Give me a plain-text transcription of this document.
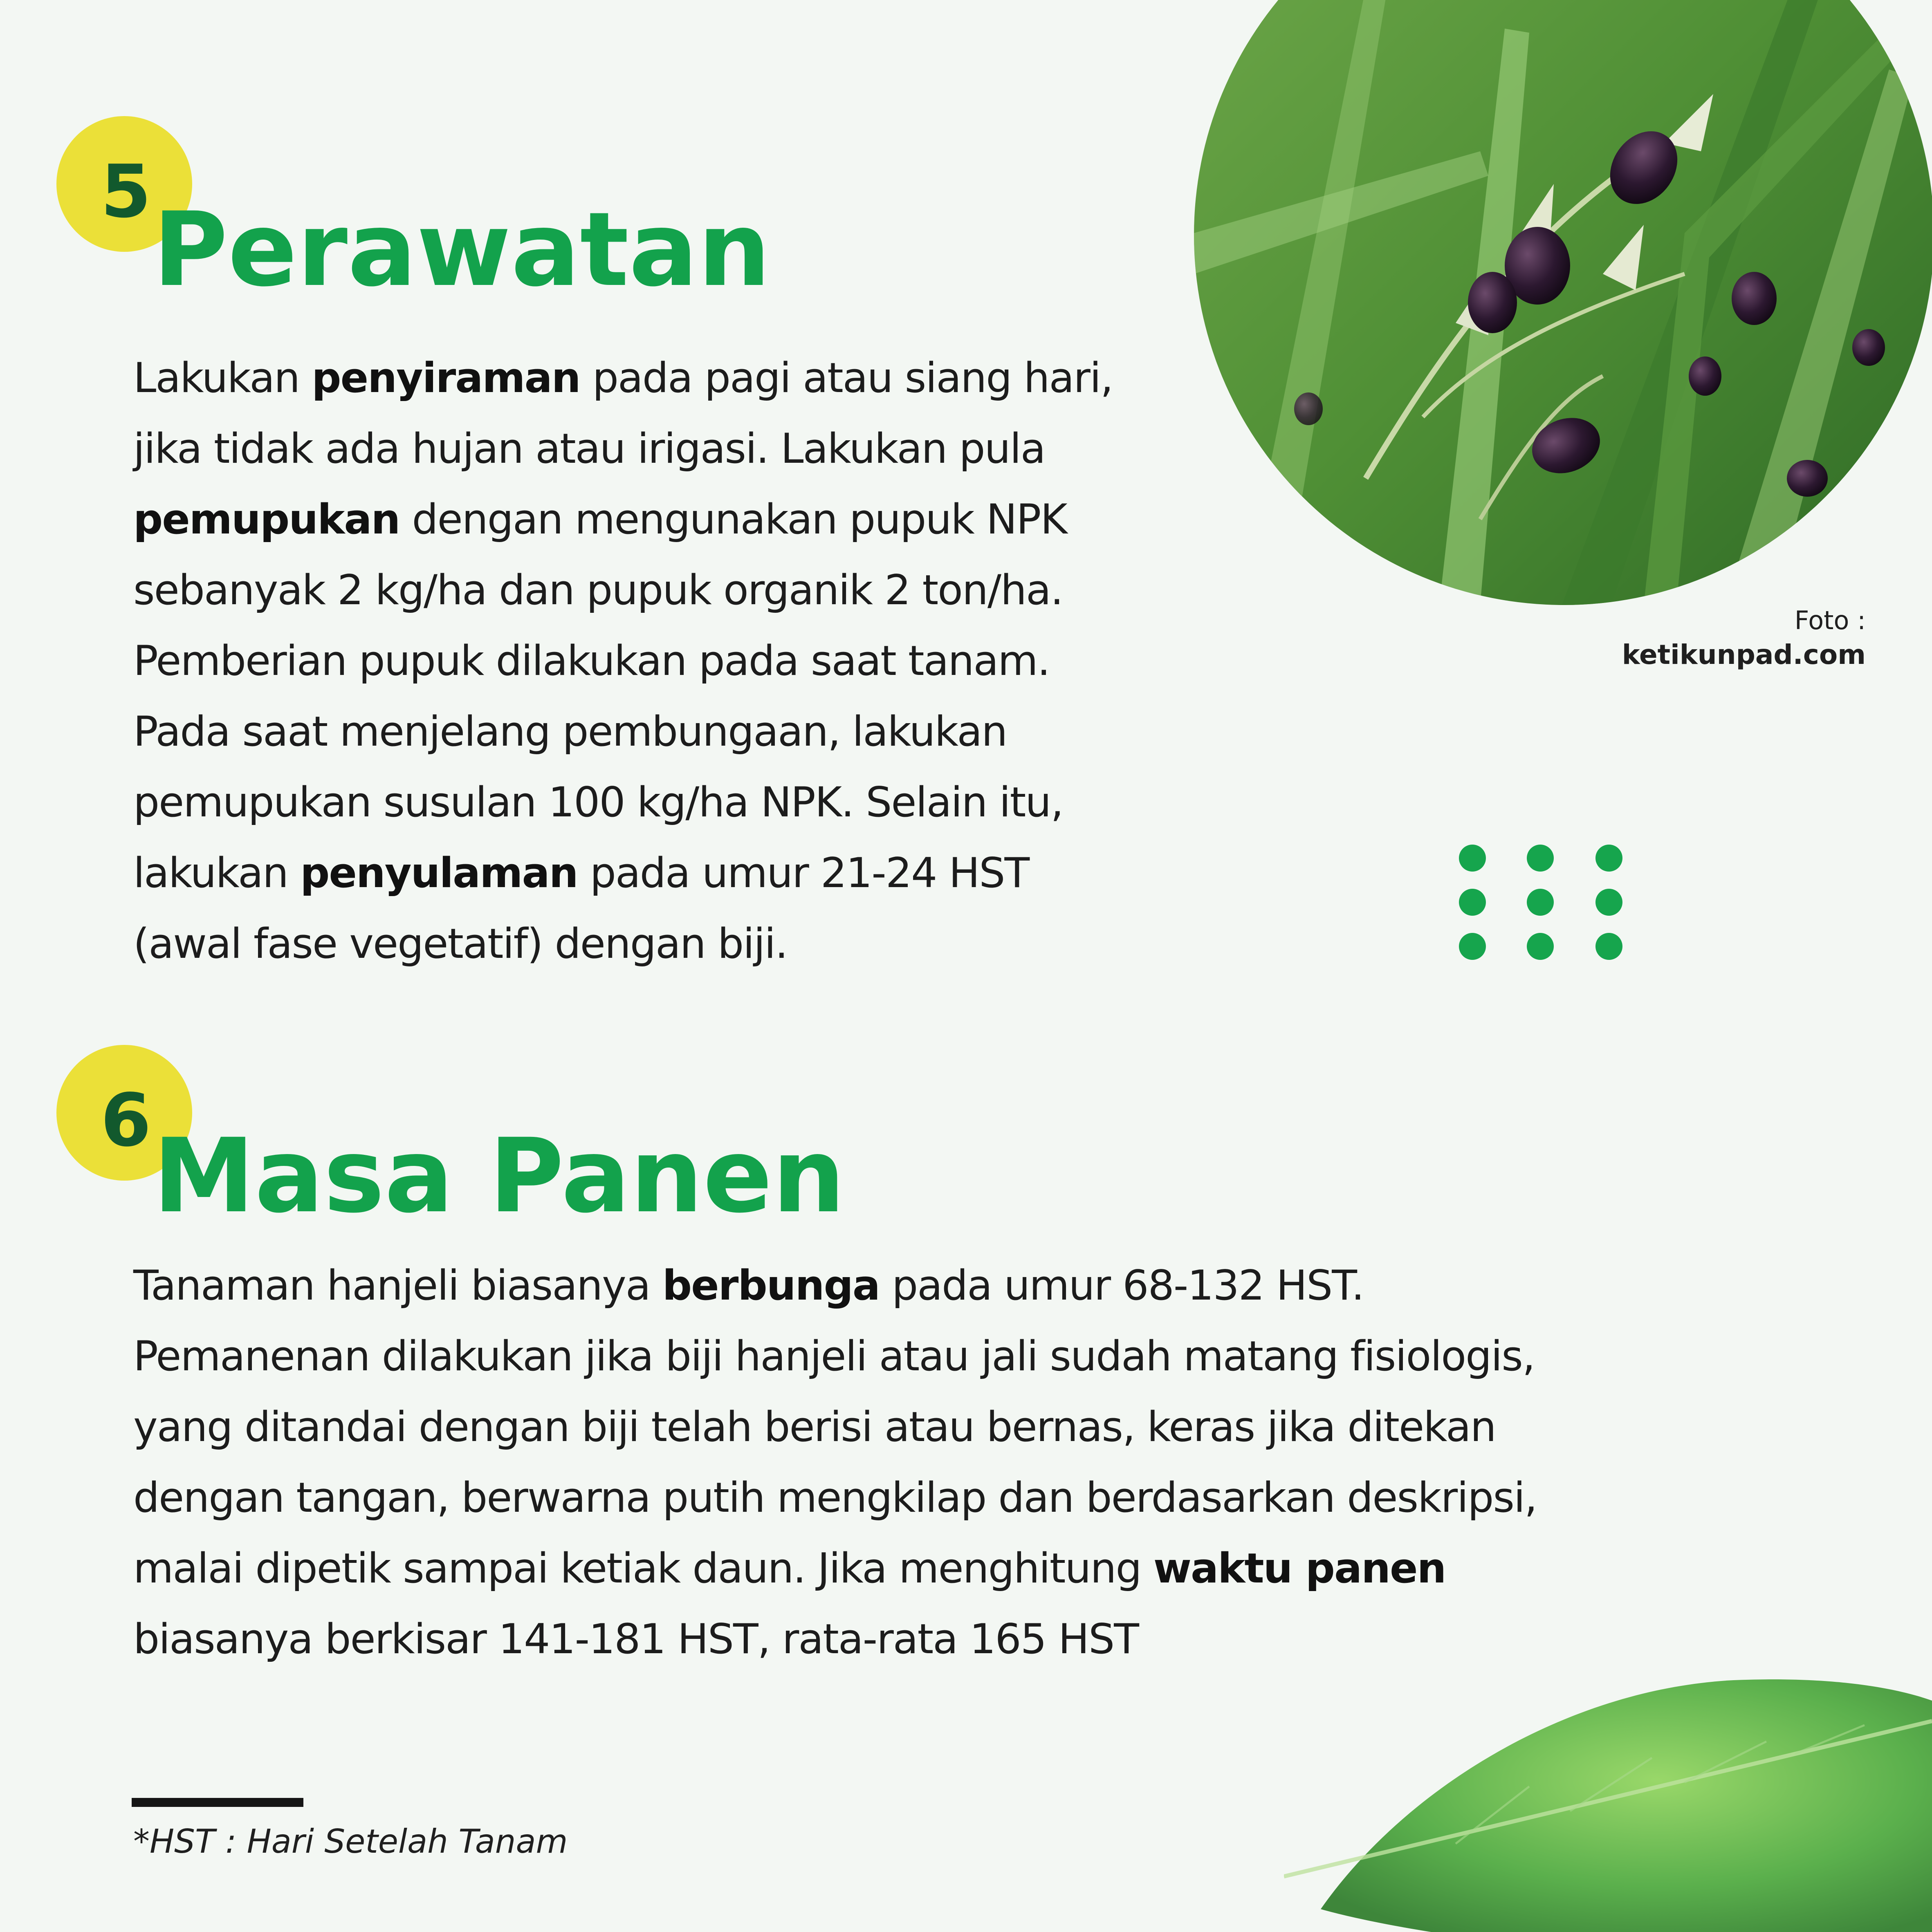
Foto :
ketikunpad.com
5 Perawatan
Lakukan penyiraman pada pagi atau siang hari,
jika tidak ada hujan atau irigasi. Lakukan pula
pemupukan dengan mengunakan pupuk NPK
sebanyak 2 kg/ha dan pupuk organik 2 ton/ha.
Pemberian pupuk dilakukan pada saat tanam.
Pada saat menjelang pembungaan, lakukan
pemupukan susulan 100 kg/ha NPK. Selain itu,
lakukan penyulaman pada umur 21-24 HST
(awal fase vegetatif) dengan biji.
6 Masa Panen
Tanaman hanjeli biasanya berbunga pada umur 68-132 HST.
Pemanenan dilakukan jika biji hanjeli atau jali sudah matang fisiologis,
yang ditandai dengan biji telah berisi atau bernas, keras jika ditekan
dengan tangan, berwarna putih mengkilap dan berdasarkan deskripsi,
malai dipetik sampai ketiak daun. Jika menghitung waktu panen
biasanya berkisar 141-181 HST, rata-rata 165 HST
*HST : Hari Setelah Tanam
